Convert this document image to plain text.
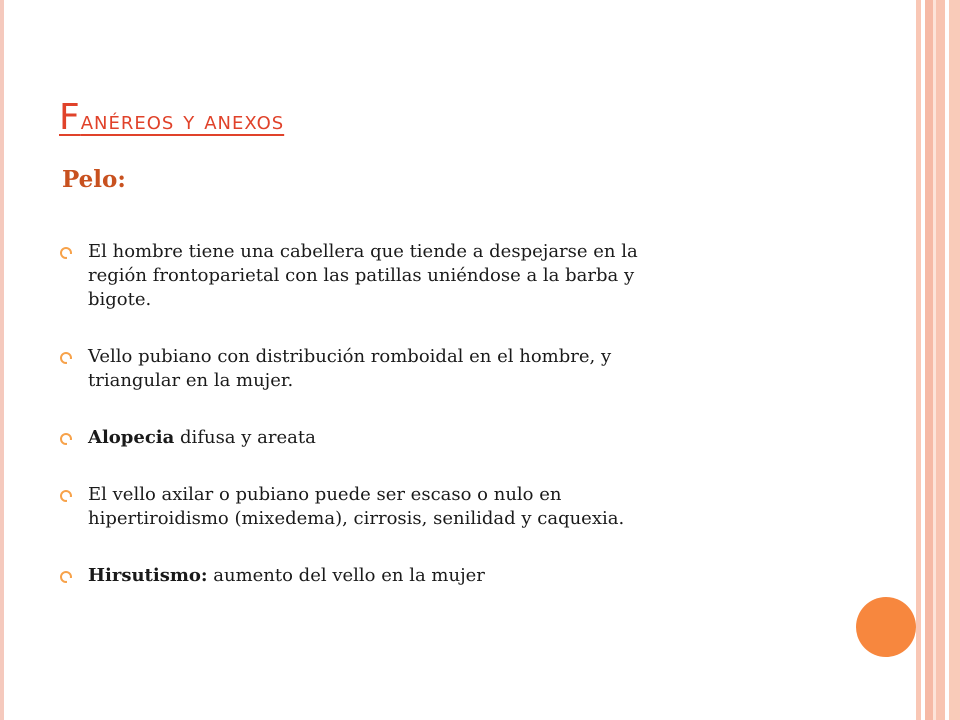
Fanéreos y anexos
Pelo:
El hombre tiene una cabellera que tiende a despejarse en la región frontoparietal con las patillas uniéndose a la barba y bigote.
Vello pubiano con distribución romboidal en el hombre, y triangular en la mujer.
Alopecia difusa y areata
El vello axilar o pubiano puede ser escaso o nulo en hipertiroidismo (mixedema), cirrosis, senilidad y caquexia.
Hirsutismo: aumento del vello en la mujer
